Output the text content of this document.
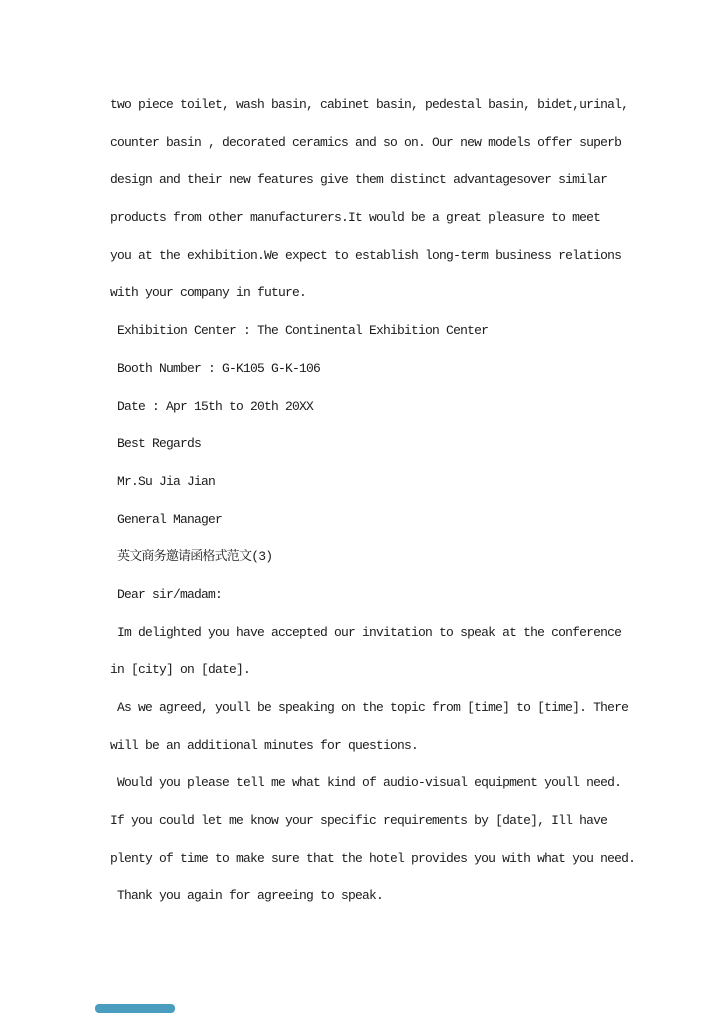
two piece toilet, wash basin, cabinet basin, pedestal basin, bidet,urinal,
counter basin , decorated ceramics and so on. Our new models offer superb
design and their new features give them distinct advantagesover similar
products from other manufacturers.It would be a great pleasure to meet
you at the exhibition.We expect to establish long-term business relations
with your company in future.
Exhibition Center : The Continental Exhibition Center
Booth Number : G-K105 G-K-106
Date : Apr 15th to 20th 20XX
Best Regards
Mr.Su Jia Jian
General Manager
英文商务邀请函格式范文(3)
Dear sir/madam:
Im delighted you have accepted our invitation to speak at the conference
in [city] on [date].
As we agreed, youll be speaking on the topic from [time] to [time]. There
will be an additional minutes for questions.
Would you please tell me what kind of audio-visual equipment youll need.
If you could let me know your specific requirements by [date], Ill have
plenty of time to make sure that the hotel provides you with what you need.
Thank you again for agreeing to speak.
